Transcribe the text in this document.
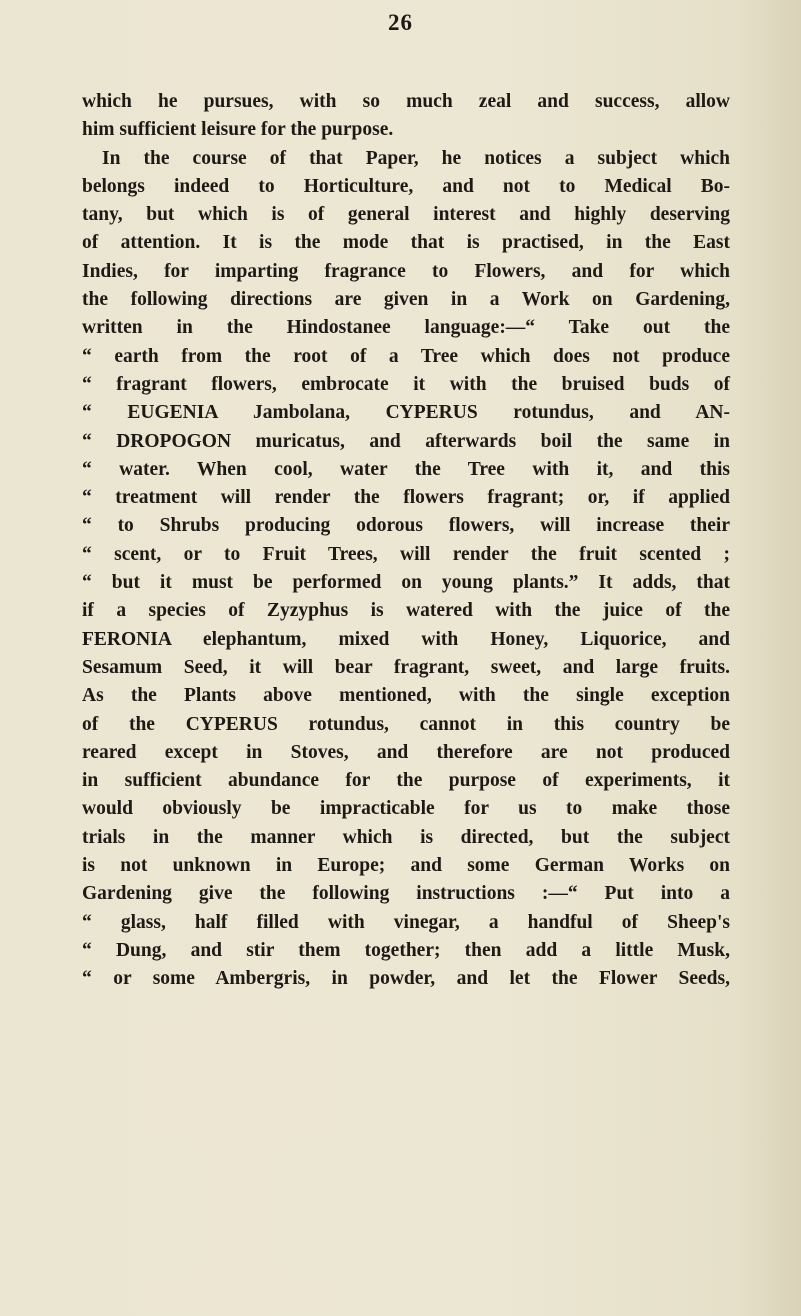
26
which he pursues, with so much zeal and success, allow
him sufficient leisure for the purpose.
In the course of that Paper, he notices a subject which
belongs indeed to Horticulture, and not to Medical Bo-
tany, but which is of general interest and highly deserving
of attention. It is the mode that is practised, in the East
Indies, for imparting fragrance to Flowers, and for which
the following directions are given in a Work on Gardening,
written in the Hindostanee language:—“ Take out the
“ earth from the root of a Tree which does not produce
“ fragrant flowers, embrocate it with the bruised buds of
“ EUGENIA Jambolana, CYPERUS rotundus, and AN-
“ DROPOGON muricatus, and afterwards boil the same in
“ water. When cool, water the Tree with it, and this
“ treatment will render the flowers fragrant; or, if applied
“ to Shrubs producing odorous flowers, will increase their
“ scent, or to Fruit Trees, will render the fruit scented ;
“ but it must be performed on young plants.” It adds, that
if a species of Zyzyphus is watered with the juice of the
FERONIA elephantum, mixed with Honey, Liquorice, and
Sesamum Seed, it will bear fragrant, sweet, and large fruits.
As the Plants above mentioned, with the single exception
of the CYPERUS rotundus, cannot in this country be
reared except in Stoves, and therefore are not produced
in sufficient abundance for the purpose of experiments, it
would obviously be impracticable for us to make those
trials in the manner which is directed, but the subject
is not unknown in Europe; and some German Works on
Gardening give the following instructions :—“ Put into a
“ glass, half filled with vinegar, a handful of Sheep's
“ Dung, and stir them together; then add a little Musk,
“ or some Ambergris, in powder, and let the Flower Seeds,
